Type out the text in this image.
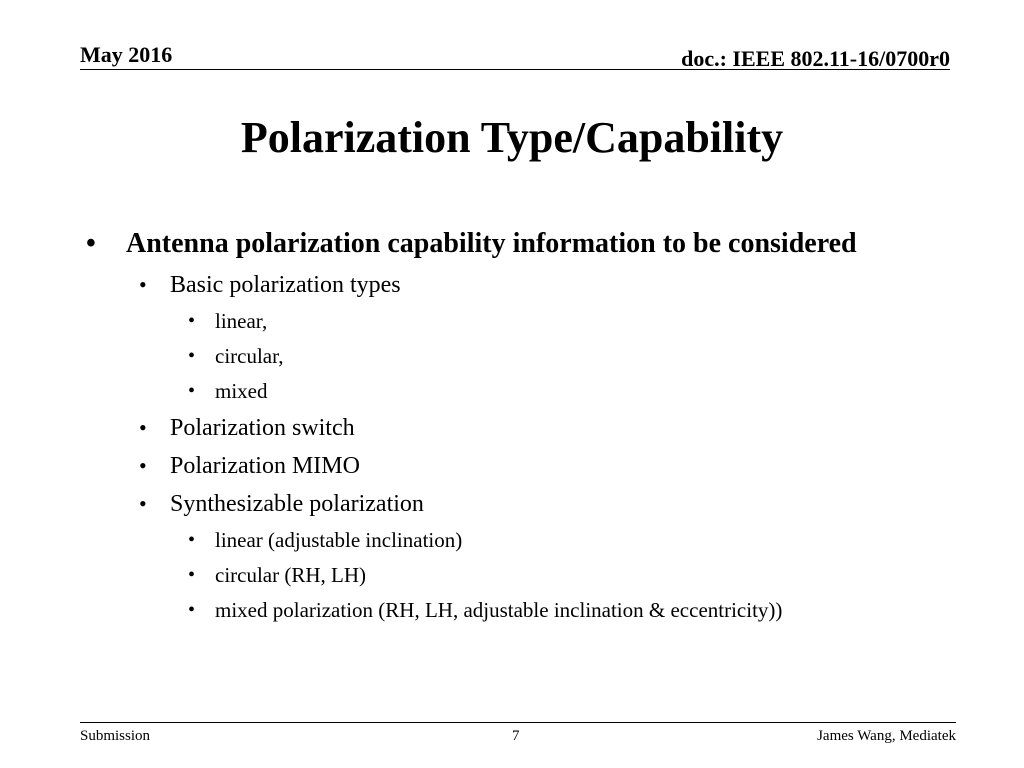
May 2016	doc.: IEEE 802.11-16/0700r0
Polarization Type/Capability
• Antenna polarization capability information to be considered
• Basic polarization types
• linear,
• circular,
• mixed
• Polarization switch
• Polarization MIMO
• Synthesizable polarization
• linear (adjustable inclination)
• circular (RH, LH)
• mixed polarization (RH, LH, adjustable inclination & eccentricity))
Submission	7	James Wang, Mediatek
